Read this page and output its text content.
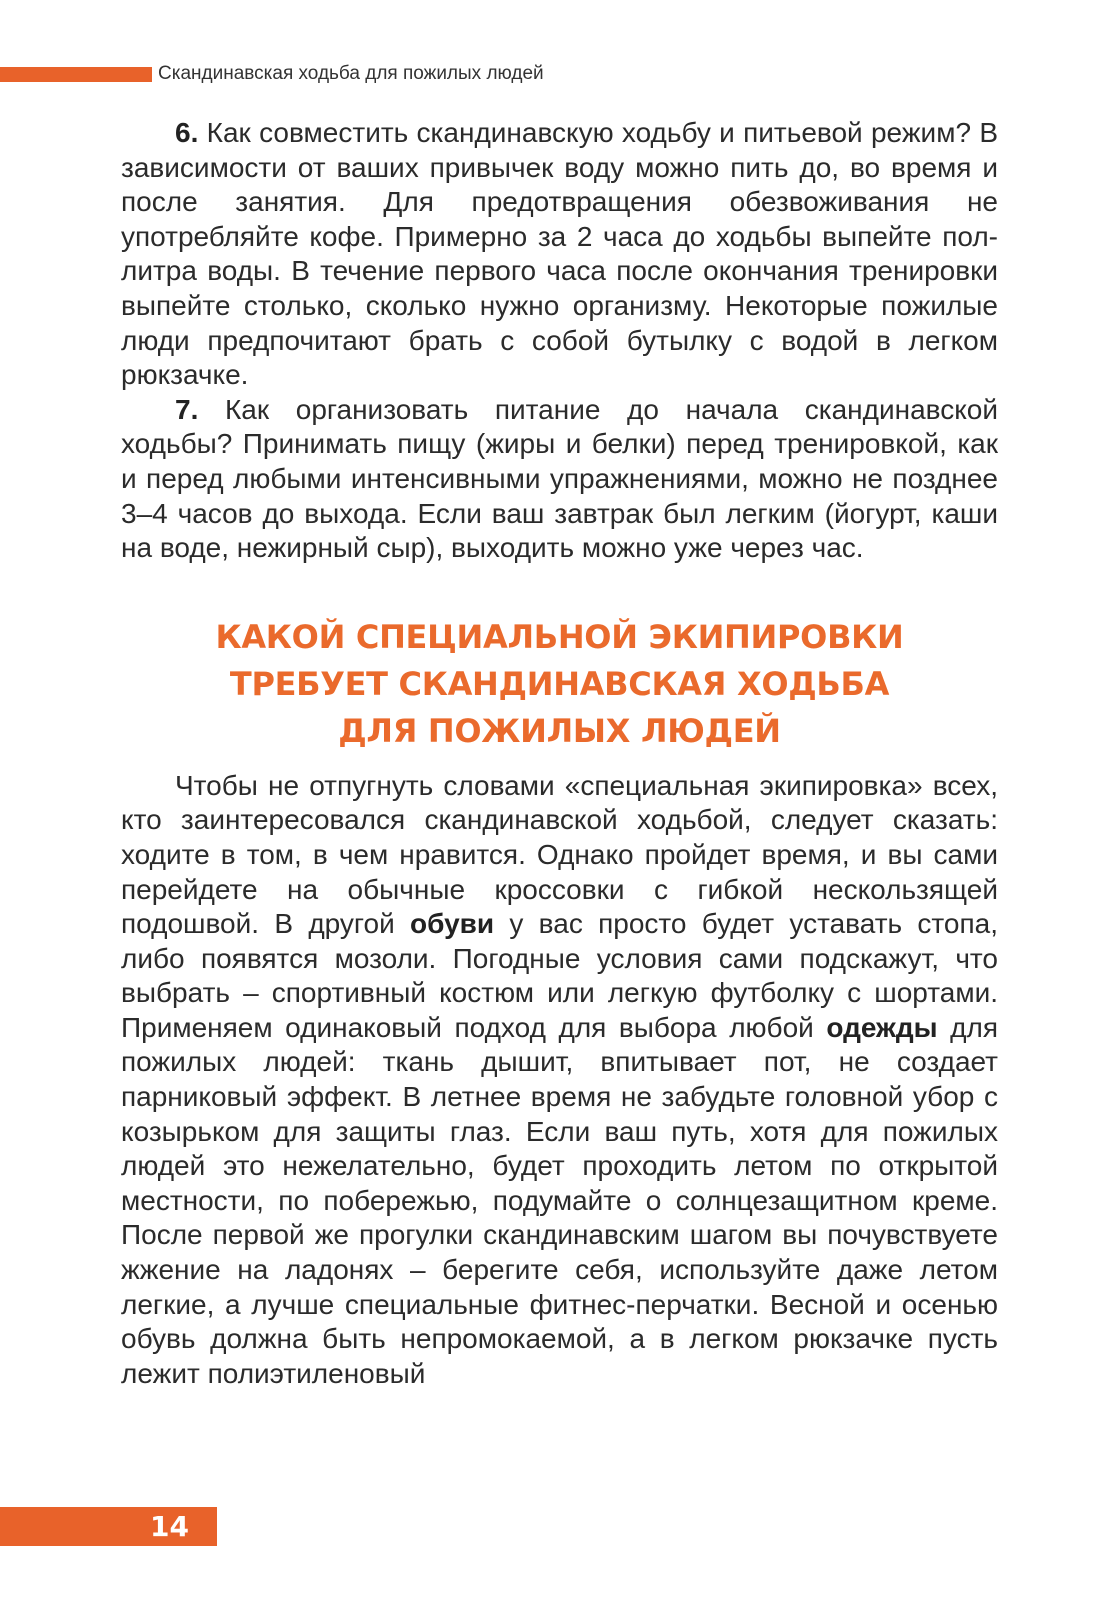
Скандинавская ходьба для пожилых людей

6. Как совместить скандинавскую ходьбу и питьевой режим? В зависимости от ваших привычек воду можно пить до, во время и после занятия. Для предотвращения обезвоживания не употребляйте кофе. Примерно за 2 часа до ходьбы выпейте пол-литра воды. В течение первого часа после окончания тренировки выпейте столько, сколько нужно организму. Некоторые пожилые люди предпочитают брать с собой бутылку с водой в легком рюкзачке.

7. Как организовать питание до начала скандинавской ходьбы? Принимать пищу (жиры и белки) перед тренировкой, как и перед любыми интенсивными упражнениями, можно не позднее 3–4 часов до выхода. Если ваш завтрак был легким (йогурт, каши на воде, нежирный сыр), выходить можно уже через час.

КАКОЙ СПЕЦИАЛЬНОЙ ЭКИПИРОВКИ
ТРЕБУЕТ СКАНДИНАВСКАЯ ХОДЬБА
ДЛЯ ПОЖИЛЫХ ЛЮДЕЙ

Чтобы не отпугнуть словами «специальная экипировка» всех, кто заинтересовался скандинавской ходьбой, следует сказать: ходите в том, в чем нравится. Однако пройдет время, и вы сами перейдете на обычные кроссовки с гибкой нескользящей подошвой. В другой обуви у вас просто будет уставать стопа, либо появятся мозоли. Погодные условия сами подскажут, что выбрать – спортивный костюм или легкую футболку с шортами. Применяем одинаковый подход для выбора любой одежды для пожилых людей: ткань дышит, впитывает пот, не создает парниковый эффект. В летнее время не забудьте головной убор с козырьком для защиты глаз. Если ваш путь, хотя для пожилых людей это нежелательно, будет проходить летом по открытой местности, по побережью, подумайте о солнцезащитном креме. После первой же прогулки скандинавским шагом вы почувствуете жжение на ладонях – берегите себя, используйте даже летом легкие, а лучше специальные фитнес-перчатки. Весной и осенью обувь должна быть непромокаемой, а в легком рюкзачке пусть лежит полиэтиленовый

14
